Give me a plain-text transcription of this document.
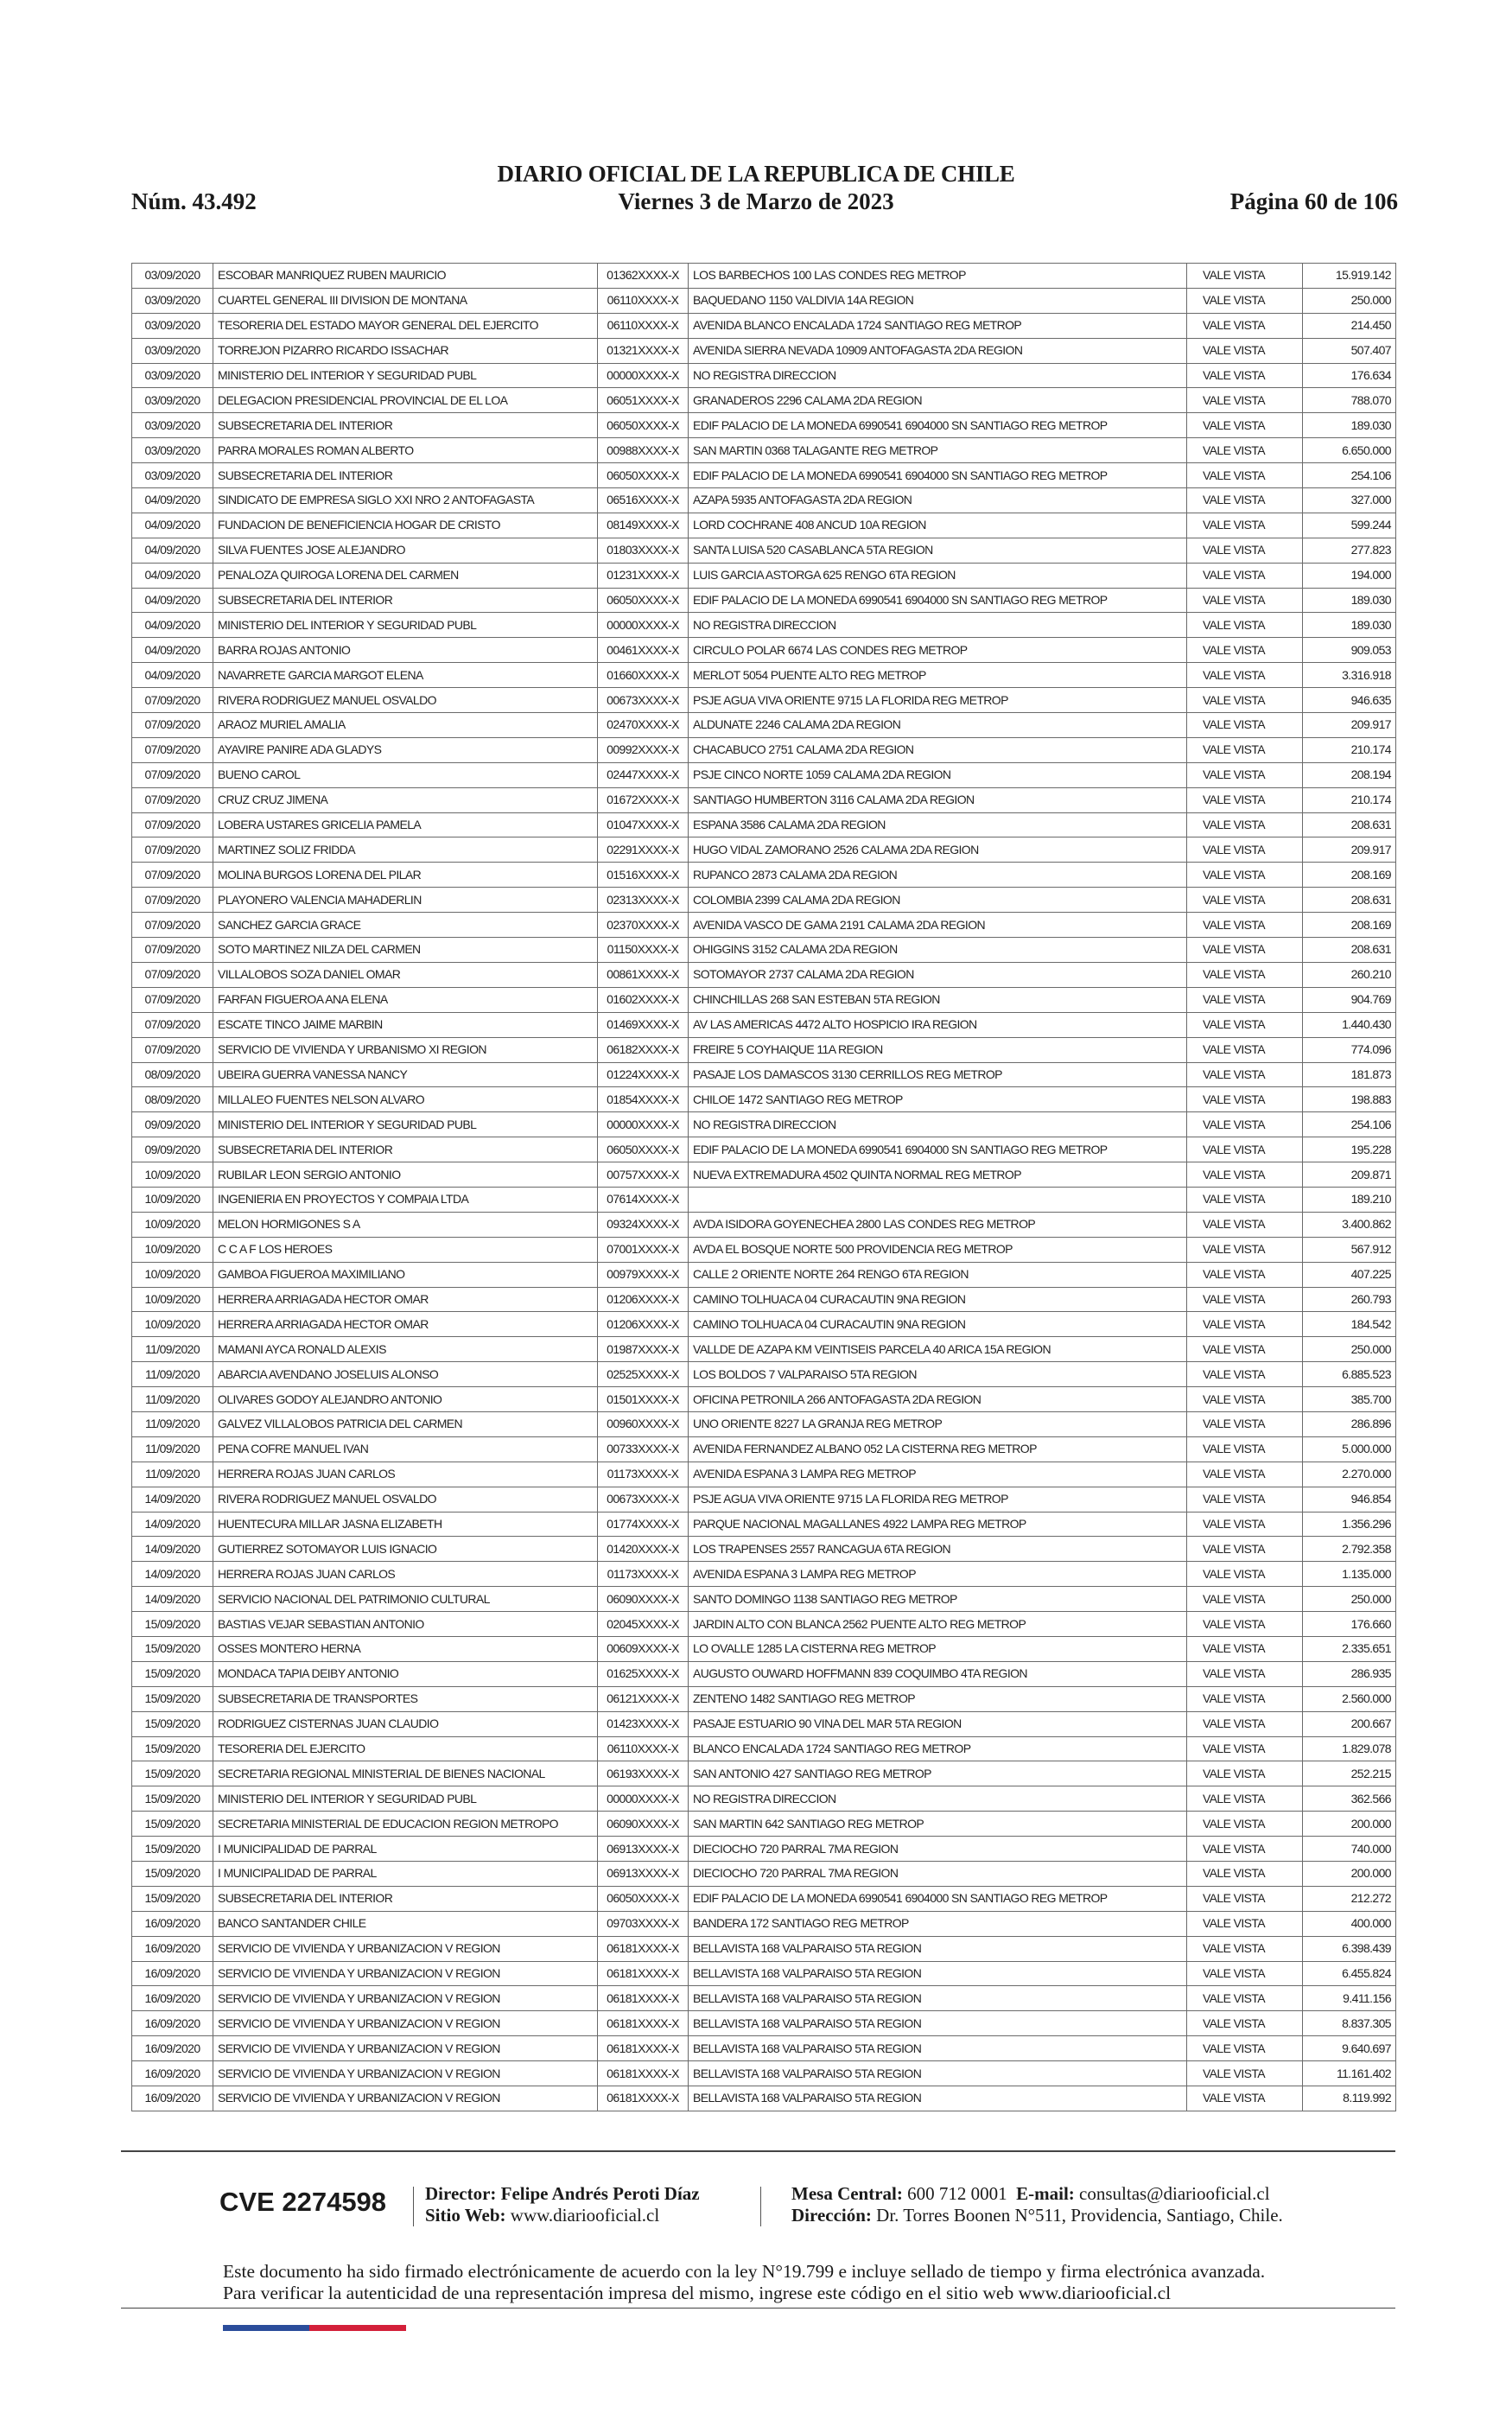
DIARIO OFICIAL DE LA REPUBLICA DE CHILE
Núm. 43.492	Viernes 3 de Marzo de 2023	Página 60 de 106
03/09/2020	ESCOBAR MANRIQUEZ RUBEN MAURICIO	01362XXXX-X	LOS BARBECHOS 100 LAS CONDES REG METROP	VALE VISTA	15.919.142
03/09/2020	CUARTEL GENERAL III DIVISION DE MONTANA	06110XXXX-X	BAQUEDANO 1150 VALDIVIA 14A REGION	VALE VISTA	250.000
03/09/2020	TESORERIA DEL ESTADO MAYOR GENERAL DEL EJERCITO	06110XXXX-X	AVENIDA BLANCO ENCALADA 1724 SANTIAGO REG METROP	VALE VISTA	214.450
03/09/2020	TORREJON PIZARRO RICARDO ISSACHAR	01321XXXX-X	AVENIDA SIERRA NEVADA 10909 ANTOFAGASTA 2DA REGION	VALE VISTA	507.407
03/09/2020	MINISTERIO DEL INTERIOR Y SEGURIDAD PUBL	00000XXXX-X	NO REGISTRA DIRECCION	VALE VISTA	176.634
03/09/2020	DELEGACION PRESIDENCIAL PROVINCIAL DE EL LOA	06051XXXX-X	GRANADEROS 2296 CALAMA 2DA REGION	VALE VISTA	788.070
03/09/2020	SUBSECRETARIA DEL INTERIOR	06050XXXX-X	EDIF PALACIO DE LA MONEDA 6990541 6904000 SN SANTIAGO REG METROP	VALE VISTA	189.030
03/09/2020	PARRA MORALES ROMAN ALBERTO	00988XXXX-X	SAN MARTIN 0368 TALAGANTE REG METROP	VALE VISTA	6.650.000
03/09/2020	SUBSECRETARIA DEL INTERIOR	06050XXXX-X	EDIF PALACIO DE LA MONEDA 6990541 6904000 SN SANTIAGO REG METROP	VALE VISTA	254.106
04/09/2020	SINDICATO DE EMPRESA SIGLO XXI NRO 2 ANTOFAGASTA	06516XXXX-X	AZAPA 5935 ANTOFAGASTA 2DA REGION	VALE VISTA	327.000
04/09/2020	FUNDACION DE BENEFICIENCIA HOGAR DE CRISTO	08149XXXX-X	LORD COCHRANE 408 ANCUD 10A REGION	VALE VISTA	599.244
04/09/2020	SILVA FUENTES JOSE ALEJANDRO	01803XXXX-X	SANTA LUISA 520 CASABLANCA 5TA REGION	VALE VISTA	277.823
04/09/2020	PENALOZA QUIROGA LORENA DEL CARMEN	01231XXXX-X	LUIS GARCIA ASTORGA 625 RENGO 6TA REGION	VALE VISTA	194.000
04/09/2020	SUBSECRETARIA DEL INTERIOR	06050XXXX-X	EDIF PALACIO DE LA MONEDA 6990541 6904000 SN SANTIAGO REG METROP	VALE VISTA	189.030
04/09/2020	MINISTERIO DEL INTERIOR Y SEGURIDAD PUBL	00000XXXX-X	NO REGISTRA DIRECCION	VALE VISTA	189.030
04/09/2020	BARRA ROJAS ANTONIO	00461XXXX-X	CIRCULO POLAR 6674 LAS CONDES REG METROP	VALE VISTA	909.053
04/09/2020	NAVARRETE GARCIA MARGOT ELENA	01660XXXX-X	MERLOT 5054 PUENTE ALTO REG METROP	VALE VISTA	3.316.918
07/09/2020	RIVERA RODRIGUEZ MANUEL OSVALDO	00673XXXX-X	PSJE AGUA VIVA ORIENTE 9715 LA FLORIDA REG METROP	VALE VISTA	946.635
07/09/2020	ARAOZ MURIEL AMALIA	02470XXXX-X	ALDUNATE 2246 CALAMA 2DA REGION	VALE VISTA	209.917
07/09/2020	AYAVIRE PANIRE ADA GLADYS	00992XXXX-X	CHACABUCO 2751 CALAMA 2DA REGION	VALE VISTA	210.174
07/09/2020	BUENO CAROL	02447XXXX-X	PSJE CINCO NORTE 1059 CALAMA 2DA REGION	VALE VISTA	208.194
07/09/2020	CRUZ CRUZ JIMENA	01672XXXX-X	SANTIAGO HUMBERTON 3116 CALAMA 2DA REGION	VALE VISTA	210.174
07/09/2020	LOBERA USTARES GRICELIA PAMELA	01047XXXX-X	ESPANA 3586 CALAMA 2DA REGION	VALE VISTA	208.631
07/09/2020	MARTINEZ SOLIZ FRIDDA	02291XXXX-X	HUGO VIDAL ZAMORANO 2526 CALAMA 2DA REGION	VALE VISTA	209.917
07/09/2020	MOLINA BURGOS LORENA DEL PILAR	01516XXXX-X	RUPANCO 2873 CALAMA 2DA REGION	VALE VISTA	208.169
07/09/2020	PLAYONERO VALENCIA MAHADERLIN	02313XXXX-X	COLOMBIA 2399 CALAMA 2DA REGION	VALE VISTA	208.631
07/09/2020	SANCHEZ GARCIA GRACE	02370XXXX-X	AVENIDA VASCO DE GAMA 2191 CALAMA 2DA REGION	VALE VISTA	208.169
07/09/2020	SOTO MARTINEZ NILZA DEL CARMEN	01150XXXX-X	OHIGGINS 3152 CALAMA 2DA REGION	VALE VISTA	208.631
07/09/2020	VILLALOBOS SOZA DANIEL OMAR	00861XXXX-X	SOTOMAYOR 2737 CALAMA 2DA REGION	VALE VISTA	260.210
07/09/2020	FARFAN FIGUEROA ANA ELENA	01602XXXX-X	CHINCHILLAS 268 SAN ESTEBAN 5TA REGION	VALE VISTA	904.769
07/09/2020	ESCATE TINCO JAIME MARBIN	01469XXXX-X	AV LAS AMERICAS 4472 ALTO HOSPICIO IRA REGION	VALE VISTA	1.440.430
07/09/2020	SERVICIO DE VIVIENDA Y URBANISMO XI REGION	06182XXXX-X	FREIRE 5 COYHAIQUE 11A REGION	VALE VISTA	774.096
08/09/2020	UBEIRA GUERRA VANESSA NANCY	01224XXXX-X	PASAJE LOS DAMASCOS 3130 CERRILLOS REG METROP	VALE VISTA	181.873
08/09/2020	MILLALEO FUENTES NELSON ALVARO	01854XXXX-X	CHILOE 1472 SANTIAGO REG METROP	VALE VISTA	198.883
09/09/2020	MINISTERIO DEL INTERIOR Y SEGURIDAD PUBL	00000XXXX-X	NO REGISTRA DIRECCION	VALE VISTA	254.106
09/09/2020	SUBSECRETARIA DEL INTERIOR	06050XXXX-X	EDIF PALACIO DE LA MONEDA 6990541 6904000 SN SANTIAGO REG METROP	VALE VISTA	195.228
10/09/2020	RUBILAR LEON SERGIO ANTONIO	00757XXXX-X	NUEVA EXTREMADURA 4502 QUINTA NORMAL REG METROP	VALE VISTA	209.871
10/09/2020	INGENIERIA EN PROYECTOS Y COMPAIA LTDA	07614XXXX-X		VALE VISTA	189.210
10/09/2020	MELON HORMIGONES S A	09324XXXX-X	AVDA ISIDORA GOYENECHEA 2800 LAS CONDES REG METROP	VALE VISTA	3.400.862
10/09/2020	C C A F LOS HEROES	07001XXXX-X	AVDA EL BOSQUE NORTE 500 PROVIDENCIA REG METROP	VALE VISTA	567.912
10/09/2020	GAMBOA FIGUEROA MAXIMILIANO	00979XXXX-X	CALLE 2 ORIENTE NORTE 264 RENGO 6TA REGION	VALE VISTA	407.225
10/09/2020	HERRERA ARRIAGADA HECTOR OMAR	01206XXXX-X	CAMINO TOLHUACA 04 CURACAUTIN 9NA REGION	VALE VISTA	260.793
10/09/2020	HERRERA ARRIAGADA HECTOR OMAR	01206XXXX-X	CAMINO TOLHUACA 04 CURACAUTIN 9NA REGION	VALE VISTA	184.542
11/09/2020	MAMANI AYCA RONALD ALEXIS	01987XXXX-X	VALLDE DE AZAPA KM VEINTISEIS PARCELA 40 ARICA 15A REGION	VALE VISTA	250.000
11/09/2020	ABARCIA AVENDANO JOSELUIS ALONSO	02525XXXX-X	LOS BOLDOS 7 VALPARAISO 5TA REGION	VALE VISTA	6.885.523
11/09/2020	OLIVARES GODOY ALEJANDRO ANTONIO	01501XXXX-X	OFICINA PETRONILA 266 ANTOFAGASTA 2DA REGION	VALE VISTA	385.700
11/09/2020	GALVEZ VILLALOBOS PATRICIA DEL CARMEN	00960XXXX-X	UNO ORIENTE 8227 LA GRANJA REG METROP	VALE VISTA	286.896
11/09/2020	PENA COFRE MANUEL IVAN	00733XXXX-X	AVENIDA FERNANDEZ ALBANO 052 LA CISTERNA REG METROP	VALE VISTA	5.000.000
11/09/2020	HERRERA ROJAS JUAN CARLOS	01173XXXX-X	AVENIDA ESPANA 3 LAMPA REG METROP	VALE VISTA	2.270.000
14/09/2020	RIVERA RODRIGUEZ MANUEL OSVALDO	00673XXXX-X	PSJE AGUA VIVA ORIENTE 9715 LA FLORIDA REG METROP	VALE VISTA	946.854
14/09/2020	HUENTECURA MILLAR JASNA ELIZABETH	01774XXXX-X	PARQUE NACIONAL MAGALLANES 4922 LAMPA REG METROP	VALE VISTA	1.356.296
14/09/2020	GUTIERREZ SOTOMAYOR LUIS IGNACIO	01420XXXX-X	LOS TRAPENSES 2557 RANCAGUA 6TA REGION	VALE VISTA	2.792.358
14/09/2020	HERRERA ROJAS JUAN CARLOS	01173XXXX-X	AVENIDA ESPANA 3 LAMPA REG METROP	VALE VISTA	1.135.000
14/09/2020	SERVICIO NACIONAL DEL PATRIMONIO CULTURAL	06090XXXX-X	SANTO DOMINGO 1138 SANTIAGO REG METROP	VALE VISTA	250.000
15/09/2020	BASTIAS VEJAR SEBASTIAN ANTONIO	02045XXXX-X	JARDIN ALTO CON BLANCA 2562 PUENTE ALTO REG METROP	VALE VISTA	176.660
15/09/2020	OSSES MONTERO HERNA	00609XXXX-X	LO OVALLE 1285 LA CISTERNA REG METROP	VALE VISTA	2.335.651
15/09/2020	MONDACA TAPIA DEIBY ANTONIO	01625XXXX-X	AUGUSTO OUWARD HOFFMANN 839 COQUIMBO 4TA REGION	VALE VISTA	286.935
15/09/2020	SUBSECRETARIA DE TRANSPORTES	06121XXXX-X	ZENTENO 1482 SANTIAGO REG METROP	VALE VISTA	2.560.000
15/09/2020	RODRIGUEZ CISTERNAS JUAN CLAUDIO	01423XXXX-X	PASAJE ESTUARIO 90 VINA DEL MAR 5TA REGION	VALE VISTA	200.667
15/09/2020	TESORERIA DEL EJERCITO	06110XXXX-X	BLANCO ENCALADA 1724 SANTIAGO REG METROP	VALE VISTA	1.829.078
15/09/2020	SECRETARIA REGIONAL MINISTERIAL DE BIENES NACIONAL	06193XXXX-X	SAN ANTONIO 427 SANTIAGO REG METROP	VALE VISTA	252.215
15/09/2020	MINISTERIO DEL INTERIOR Y SEGURIDAD PUBL	00000XXXX-X	NO REGISTRA DIRECCION	VALE VISTA	362.566
15/09/2020	SECRETARIA MINISTERIAL DE EDUCACION REGION METROPO	06090XXXX-X	SAN MARTIN 642 SANTIAGO REG METROP	VALE VISTA	200.000
15/09/2020	I MUNICIPALIDAD DE PARRAL	06913XXXX-X	DIECIOCHO 720 PARRAL 7MA REGION	VALE VISTA	740.000
15/09/2020	I MUNICIPALIDAD DE PARRAL	06913XXXX-X	DIECIOCHO 720 PARRAL 7MA REGION	VALE VISTA	200.000
15/09/2020	SUBSECRETARIA DEL INTERIOR	06050XXXX-X	EDIF PALACIO DE LA MONEDA 6990541 6904000 SN SANTIAGO REG METROP	VALE VISTA	212.272
16/09/2020	BANCO SANTANDER CHILE	09703XXXX-X	BANDERA 172 SANTIAGO REG METROP	VALE VISTA	400.000
16/09/2020	SERVICIO DE VIVIENDA Y URBANIZACION V REGION	06181XXXX-X	BELLAVISTA 168 VALPARAISO 5TA REGION	VALE VISTA	6.398.439
16/09/2020	SERVICIO DE VIVIENDA Y URBANIZACION V REGION	06181XXXX-X	BELLAVISTA 168 VALPARAISO 5TA REGION	VALE VISTA	6.455.824
16/09/2020	SERVICIO DE VIVIENDA Y URBANIZACION V REGION	06181XXXX-X	BELLAVISTA 168 VALPARAISO 5TA REGION	VALE VISTA	9.411.156
16/09/2020	SERVICIO DE VIVIENDA Y URBANIZACION V REGION	06181XXXX-X	BELLAVISTA 168 VALPARAISO 5TA REGION	VALE VISTA	8.837.305
16/09/2020	SERVICIO DE VIVIENDA Y URBANIZACION V REGION	06181XXXX-X	BELLAVISTA 168 VALPARAISO 5TA REGION	VALE VISTA	9.640.697
16/09/2020	SERVICIO DE VIVIENDA Y URBANIZACION V REGION	06181XXXX-X	BELLAVISTA 168 VALPARAISO 5TA REGION	VALE VISTA	11.161.402
16/09/2020	SERVICIO DE VIVIENDA Y URBANIZACION V REGION	06181XXXX-X	BELLAVISTA 168 VALPARAISO 5TA REGION	VALE VISTA	8.119.992
CVE 2274598 Director: Felipe Andrés Peroti Díaz
Sitio Web: www.diariooficial.cl
Mesa Central: 600 712 0001 E-mail: consultas@diariooficial.cl
Dirección: Dr. Torres Boonen N°511, Providencia, Santiago, Chile.
Este documento ha sido firmado electrónicamente de acuerdo con la ley N°19.799 e incluye sellado de tiempo y firma electrónica avanzada. Para verificar la autenticidad de una representación impresa del mismo, ingrese este código en el sitio web www.diariooficial.cl
